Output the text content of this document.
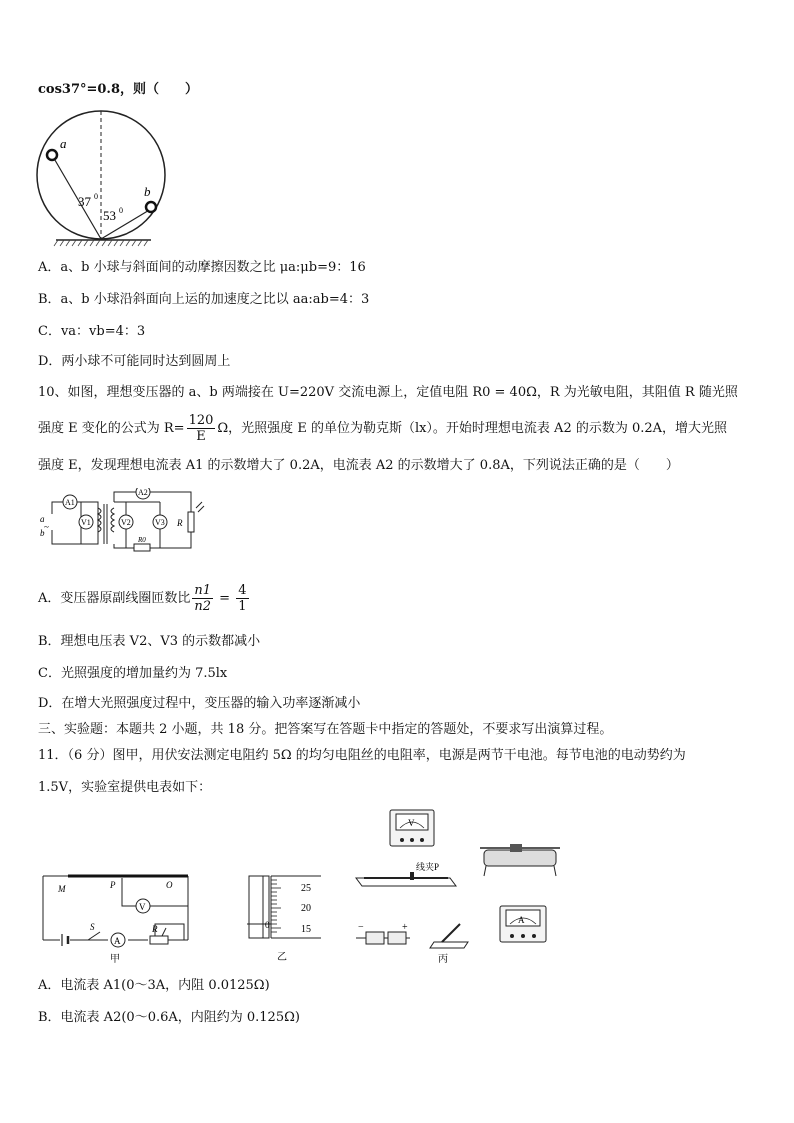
cos37°=0.8，则（　　）
a
b
37 0
53 0
A．a、b 小球与斜面间的动摩擦因数之比 μa:μb=9：16
B．a、b 小球沿斜面向上运的加速度之比以 aa:ab=4：3
C．va：vb=4：3
D．两小球不可能同时达到圆周上
10、如图，理想变压器的 a、b 两端接在 U=220V 交流电源上，定值电阻 R0 = 40Ω，R 为光敏电阻，其阻值 R 随光照
强度 E 变化的公式为 $R= \frac{120}{E}$ Ω，光照强度 E 的单位为勒克斯（lx）。开始时理想电流表 A2 的示数为 0.2A，增大光照
强度 E，发现理想电流表 A1 的示数增大了 0.2A，电流表 A2 的示数增大了 0.8A，下列说法正确的是（　　）
A1
V1
A2
V2	V3 R
R0
a
b
~
A．变压器原副线圈匝数比 $\frac{n1}{n2} = \frac{4}{1}$
B．理想电压表 V2、V3 的示数都减小
C．光照强度的增加量约为 7.5lx
D．在增大光照强度过程中，变压器的输入功率逐渐减小
三、实验题：本题共 2 小题，共 18 分。把答案写在答题卡中指定的答题处，不要求写出演算过程。
11．（6 分）图甲，用伏安法测定电阻约 5Ω 的均匀电阻丝的电阻率，电源是两节干电池。每节电池的电动势约为
1.5V，实验室提供电表如下：
A
V
M	P	O
S	R
甲
25
20
15
0
乙
V
线夹P
−	+
A
丙
A．电流表 A1(0～3A，内阻 0.0125Ω)
B．电流表 A2(0～0.6A，内阻约为 0.125Ω)
